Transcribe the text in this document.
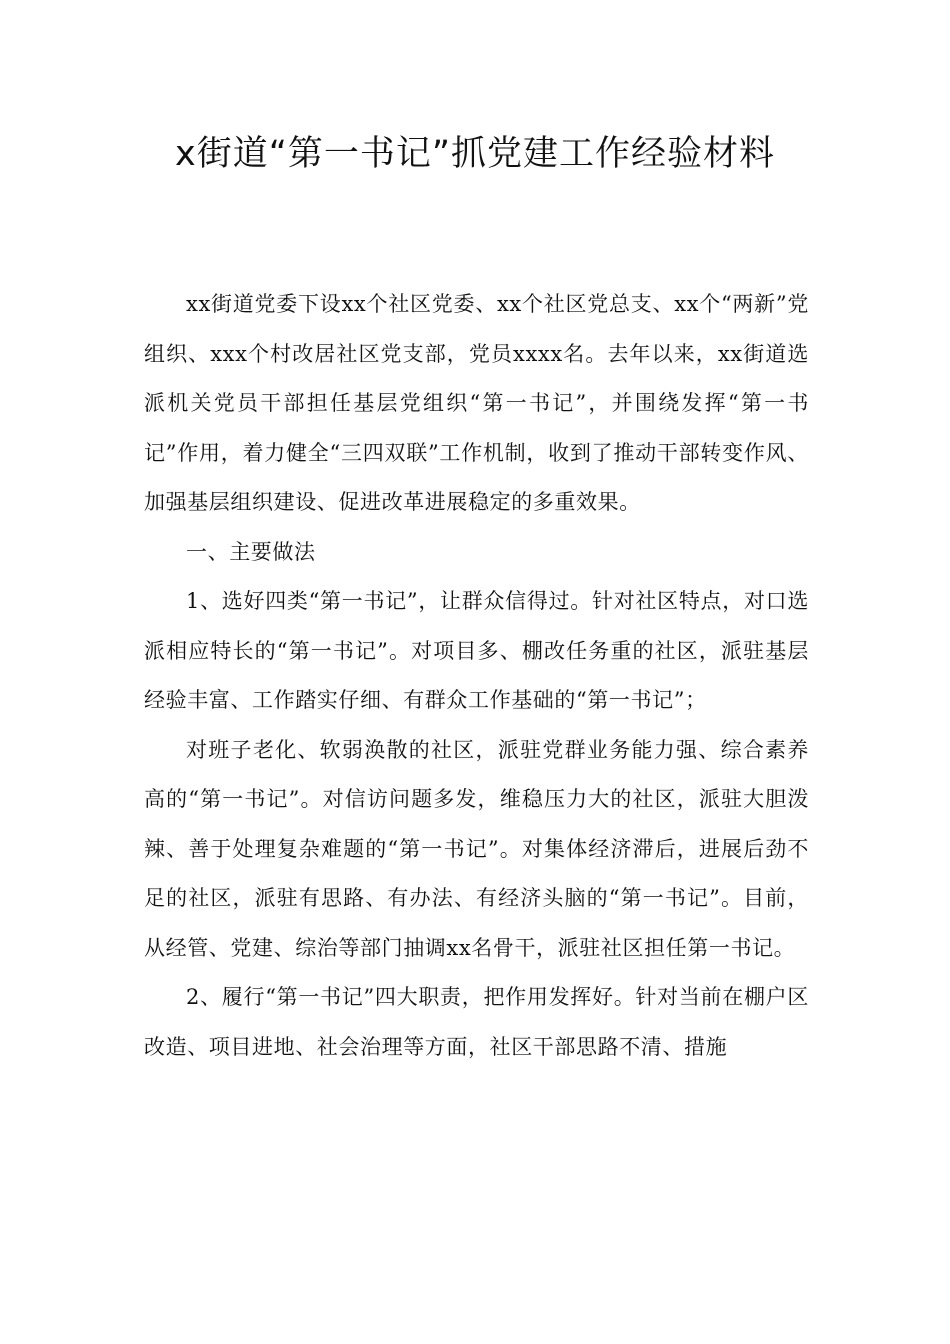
x街道“第一书记”抓党建工作经验材料

xx街道党委下设xx个社区党委、xx个社区党总支、xx个“两新”党组织、xxx个村改居社区党支部，党员xxxx名。去年以来，xx街道选派机关党员干部担任基层党组织“第一书记”，并围绕发挥“第一书记”作用，着力健全“三四双联”工作机制，收到了推动干部转变作风、加强基层组织建设、促进改革进展稳定的多重效果。

一、主要做法

1、选好四类“第一书记”，让群众信得过。针对社区特点，对口选派相应特长的“第一书记”。对项目多、棚改任务重的社区，派驻基层经验丰富、工作踏实仔细、有群众工作基础的“第一书记”；

对班子老化、软弱涣散的社区，派驻党群业务能力强、综合素养高的“第一书记”。对信访问题多发，维稳压力大的社区，派驻大胆泼辣、善于处理复杂难题的“第一书记”。对集体经济滞后，进展后劲不足的社区，派驻有思路、有办法、有经济头脑的“第一书记”。目前，从经管、党建、综治等部门抽调xx名骨干，派驻社区担任第一书记。

2、履行“第一书记”四大职责，把作用发挥好。针对当前在棚户区改造、项目进地、社会治理等方面，社区干部思路不清、措施
